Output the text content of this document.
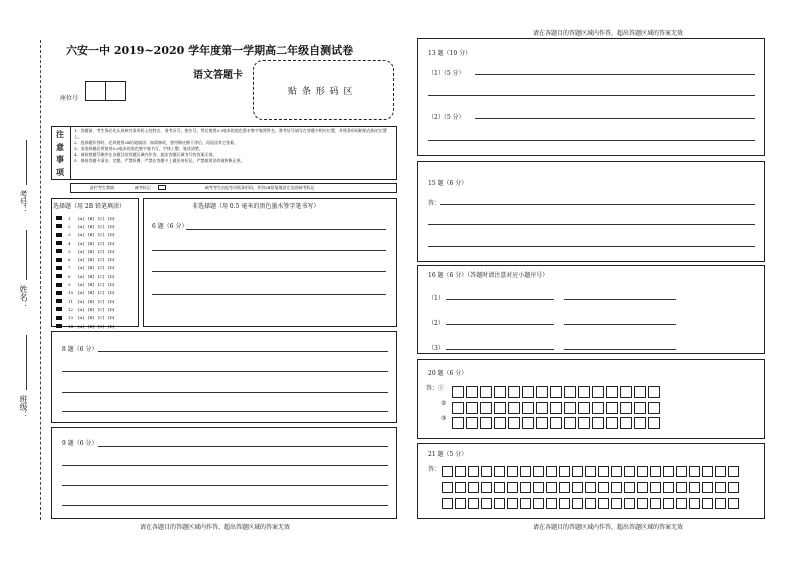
考号：
姓名：
班级：
六安一中 2019~2020 学年度第一学期高二年级自测试卷
语文答题卡
座位号
贴 条 形 码 区
注意事项
1．答题前，考生务必先认真核对条形码上的姓名、准考证号、座位号，然后使用0.5毫米的黑色墨水签字笔将姓名、准考证号填写在答题卡相应位置，并将条形码粘贴在指定位置上。
2．选择题作答时，必须使用2B铅笔填涂；如需修改，要用橡皮擦干净后，再选涂其它答案。
3．非选择题必须使用0.5毫米的黑色签字笔书写，字体工整、笔迹清楚。
4．请按照题号顺序在各题目的答题区域内作答，超出答题区域书写的答案无效。
5．保持答题卡清洁、完整，严禁折叠、严禁在答题卡上做任何标记，严禁使用涂改液和修正带。
此栏考生禁填	缺考标记	缺考考生由监考员贴条形码，并用2B铅笔填涂左边的缺考标记
选择题（用 2B 铅笔填涂）
1	[A] [B] [C] [D]
2	[A] [B] [C] [D]
3	[A] [B] [C] [D]
4	[A] [B] [C] [D]
5	[A] [B] [C] [D]
6	[A] [B] [C] [D]
7	[A] [B] [C] [D]
8	[A] [B] [C] [D]
9	[A] [B] [C] [D]
10	[A] [B] [C] [D]
11	[A] [B] [C] [D]
12	[A] [B] [C] [D]
13	[A] [B] [C] [D]
14	[A] [B] [C] [D]
非选择题（用 0.5 毫米的黑色墨水签字笔书写）
6 题（6 分）
8 题（6 分）
9 题（6 分）
请在各题目的答题区域内作答，超出答题区域的答案无效
请在各题目的答题区域内作答，超出答题区域的答案无效
13 题（10 分）
（1）（5 分）
（2）（5 分）
15 题（6 分）
答：
16 题（6 分）（答题时请注意对应小题序号）
（1）
（2）
（3）
20 题（6 分）
答：①
②
③
21 题（5 分）
答：
请在各题目的答题区域内作答，超出答题区域的答案无效
